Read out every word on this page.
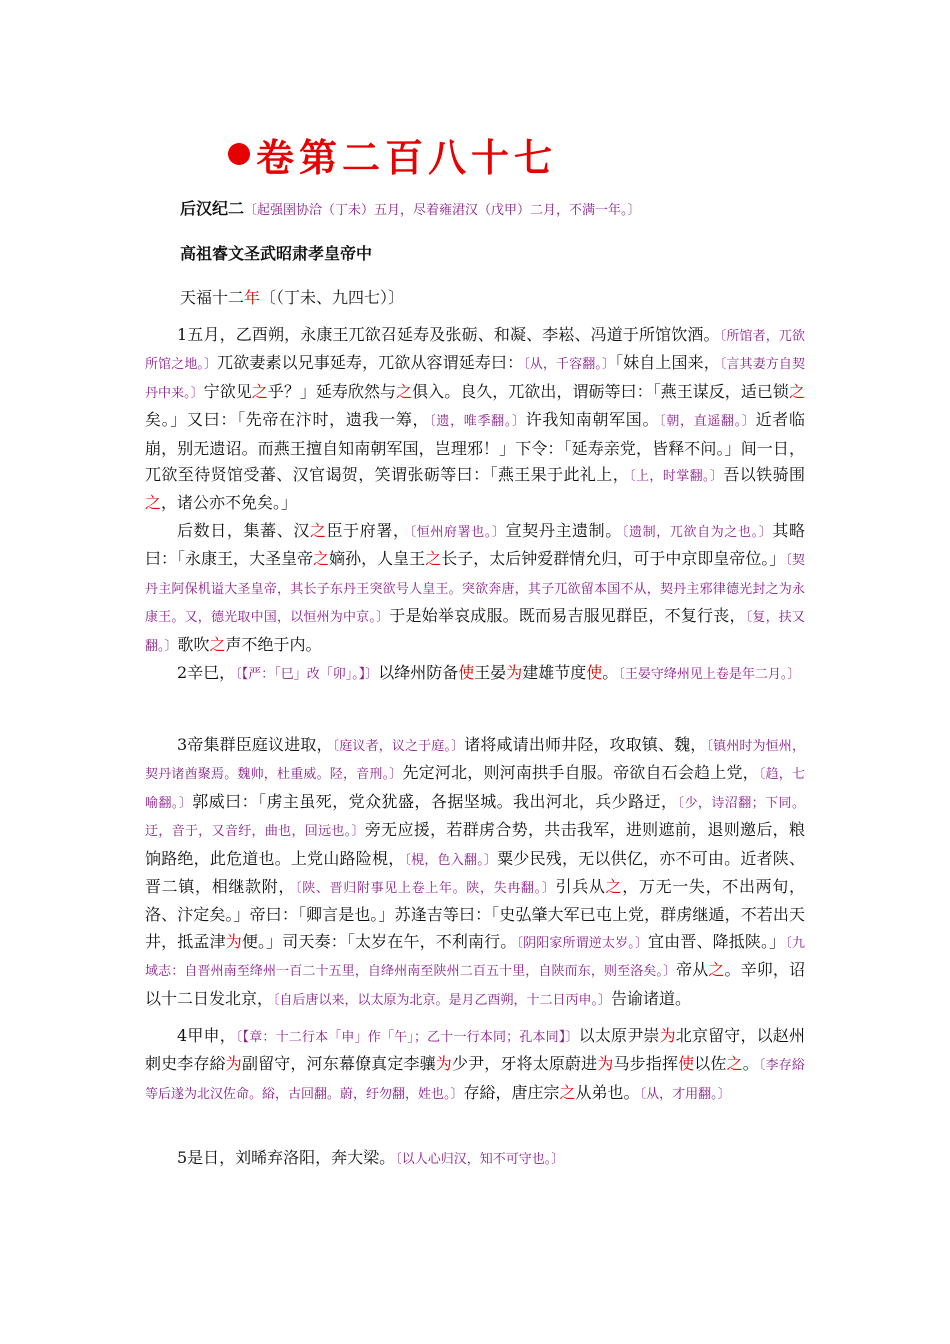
卷第二百八十七
后汉纪二〔起强圉协洽（丁未）五月，尽着雍涒汉（戊甲）二月，不满一年。〕
高祖睿文圣武昭肃孝皇帝中
天福十二年〔（丁未、九四七）〕
1五月，乙酉朔，永康王兀欲召延寿及张砺、和凝、李崧、冯道于所馆饮酒。〔所馆者，兀欲所馆之地。〕兀欲妻素以兄事延寿，兀欲从容谓延寿曰：〔从，千容翻。〕「妹自上国来，〔言其妻方自契丹中来。〕宁欲见之乎？」延寿欣然与之俱入。良久，兀欲出，谓砺等曰：「燕王谋反，适已锁之矣。」又曰：「先帝在汴时，遗我一筹，〔遗，唯季翻。〕许我知南朝军国。〔朝，直遥翻。〕近者临崩，别无遗诏。而燕王擅自知南朝军国，岂理邪！」下令：「延寿亲党，皆释不问。」间一日，兀欲至待贤馆受蕃、汉官谒贺，笑谓张砺等曰：「燕王果于此礼上，〔上，时掌翻。〕吾以铁骑围之，诸公亦不免矣。」
后数日，集蕃、汉之臣于府署，〔恒州府署也。〕宣契丹主遗制。〔遗制，兀欲自为之也。〕其略曰：「永康王，大圣皇帝之嫡孙，人皇王之长子，太后钟爱群情允归，可于中京即皇帝位。」〔契丹主阿保机谥大圣皇帝，其长子东丹王突欲号人皇王。突欲奔唐，其子兀欲留本国不从，契丹主邪律德光封之为永康王。又，德光取中国，以恒州为中京。〕于是始举哀成服。既而易吉服见群臣，不复行丧，〔复，扶又翻。〕歌吹之声不绝于内。
2辛巳，〔【严：「巳」改「卯」。】〕以绛州防备使王晏为建雄节度使。〔王晏守绛州见上卷是年二月。〕
3帝集群臣庭议进取，〔庭议者，议之于庭。〕诸将咸请出师井陉，攻取镇、魏，〔镇州时为恒州，契丹诸酋聚焉。魏帅，杜重威。陉，音刑。〕先定河北，则河南拱手自服。帝欲自石会趋上党，〔趋，七喻翻。〕郭威曰：「虏主虽死，党众犹盛，各据坚城。我出河北，兵少路迂，〔少，诗沼翻；下同。迂，音于，又音纡，曲也，回远也。〕旁无应援，若群虏合势，共击我军，进则遮前，退则邀后，粮饷路绝，此危道也。上党山路险梘，〔梘，色入翻。〕粟少民残，无以供亿，亦不可由。近者陕、晋二镇，相继款附，〔陕、晋归附事见上卷上年。陕，失冉翻。〕引兵从之，万无一失，不出两旬，洛、汴定矣。」帝曰：「卿言是也。」苏逢吉等曰：「史弘肇大军已屯上党，群虏继遁，不若出天井，抵孟津为便。」司天奏：「太岁在午，不利南行。〔阴阳家所谓逆太岁。〕宜由晋、降抵陕。」〔九域志：自晋州南至绛州一百二十五里，自绛州南至陕州二百五十里，自陕而东，则至洛矣。〕帝从之。辛卯，诏以十二日发北京，〔自后唐以来，以太原为北京。是月乙酉朔，十二日丙申。〕告谕诸道。
4甲申，〔【章：十二行本「申」作「午」；乙十一行本同；孔本同】〕以太原尹崇为北京留守，以赵州刺史李存綌为副留守，河东幕僚真定李骧为少尹，牙将太原蔚进为马步指挥使以佐之。〔李存綌等后遂为北汉佐命。綌，古回翻。蔚，纡勿翻，姓也。〕存綌，唐庄宗之从弟也。〔从，才用翻。〕
5是日，刘晞弃洛阳，奔大梁。〔以人心归汉，知不可守也。〕
